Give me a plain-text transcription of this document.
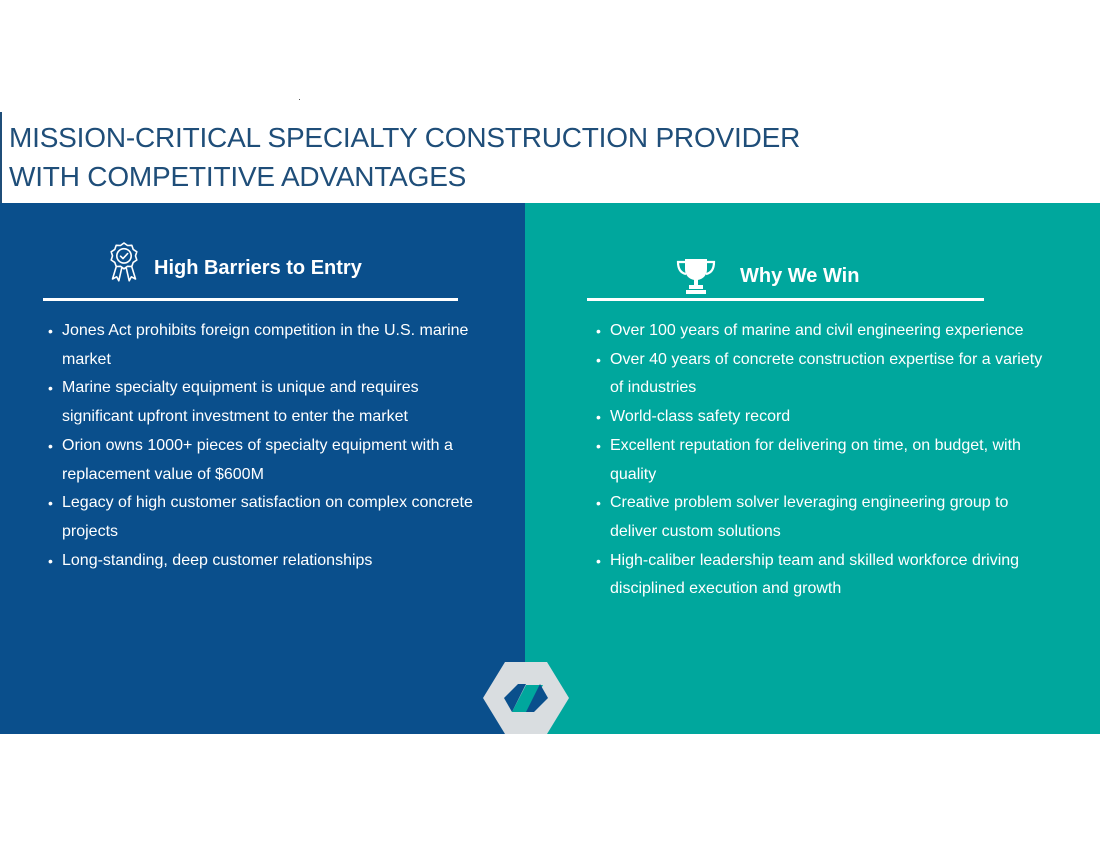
MISSION-CRITICAL SPECIALTY CONSTRUCTION PROVIDER
WITH COMPETITIVE ADVANTAGES
High Barriers to Entry
• Jones Act prohibits foreign competition in the U.S. marine market
• Marine specialty equipment is unique and requires significant upfront investment to enter the market
• Orion owns 1000+ pieces of specialty equipment with a replacement value of $600M
• Legacy of high customer satisfaction on complex concrete projects
• Long-standing, deep customer relationships
Why We Win
• Over 100 years of marine and civil engineering experience
• Over 40 years of concrete construction expertise for a variety of industries
• World-class safety record
• Excellent reputation for delivering on time, on budget, with quality
• Creative problem solver leveraging engineering group to deliver custom solutions
• High-caliber leadership team and skilled workforce driving disciplined execution and growth
